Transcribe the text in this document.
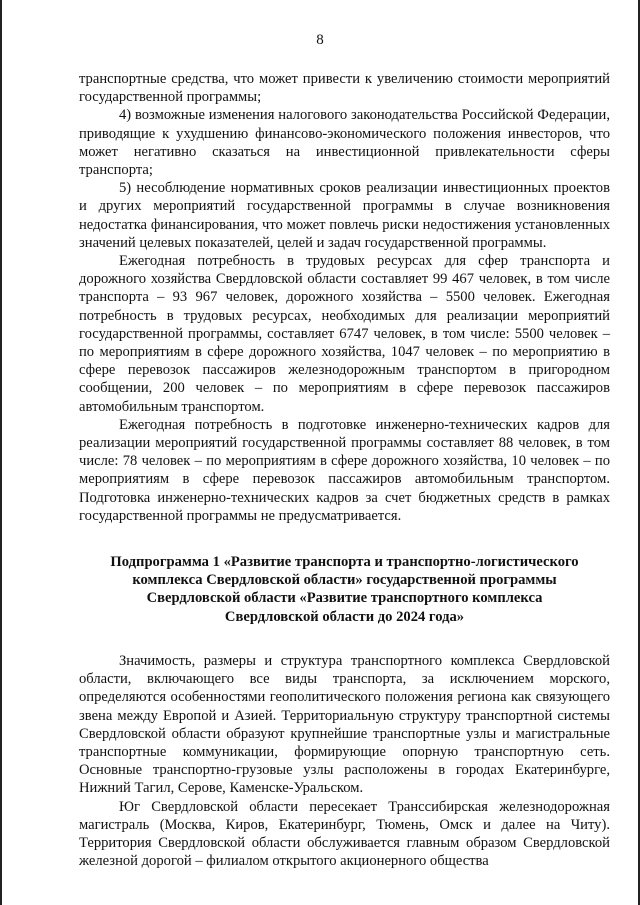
8

транспортные средства, что может привести к увеличению стоимости мероприятий государственной программы;

4) возможные изменения налогового законодательства Российской Федерации, приводящие к ухудшению финансово-экономического положения инвесторов, что может негативно сказаться на инвестиционной привлекательности сферы транспорта;

5) несоблюдение нормативных сроков реализации инвестиционных проектов и других мероприятий государственной программы в случае возникновения недостатка финансирования, что может повлечь риски недостижения установленных значений целевых показателей, целей и задач государственной программы.

Ежегодная потребность в трудовых ресурсах для сфер транспорта и дорожного хозяйства Свердловской области составляет 99 467 человек, в том числе транспорта – 93 967 человек, дорожного хозяйства – 5500 человек. Ежегодная потребность в трудовых ресурсах, необходимых для реализации мероприятий государственной программы, составляет 6747 человек, в том числе: 5500 человек – по мероприятиям в сфере дорожного хозяйства, 1047 человек – по мероприятию в сфере перевозок пассажиров железнодорожным транспортом в пригородном сообщении, 200 человек – по мероприятиям в сфере перевозок пассажиров автомобильным транспортом.

Ежегодная потребность в подготовке инженерно-технических кадров для реализации мероприятий государственной программы составляет 88 человек, в том числе: 78 человек – по мероприятиям в сфере дорожного хозяйства, 10 человек – по мероприятиям в сфере перевозок пассажиров автомобильным транспортом. Подготовка инженерно-технических кадров за счет бюджетных средств в рамках государственной программы не предусматривается.

Подпрограмма 1 «Развитие транспорта и транспортно-логистического комплекса Свердловской области» государственной программы Свердловской области «Развитие транспортного комплекса Свердловской области до 2024 года»

Значимость, размеры и структура транспортного комплекса Свердловской области, включающего все виды транспорта, за исключением морского, определяются особенностями геополитического положения региона как связующего звена между Европой и Азией. Территориальную структуру транспортной системы Свердловской области образуют крупнейшие транспортные узлы и магистральные транспортные коммуникации, формирующие опорную транспортную сеть. Основные транспортно-грузовые узлы расположены в городах Екатеринбурге, Нижний Тагил, Серове, Каменске-Уральском.

Юг Свердловской области пересекает Транссибирская железнодорожная магистраль (Москва, Киров, Екатеринбург, Тюмень, Омск и далее на Читу). Территория Свердловской области обслуживается главным образом Свердловской железной дорогой – филиалом открытого акционерного общества
